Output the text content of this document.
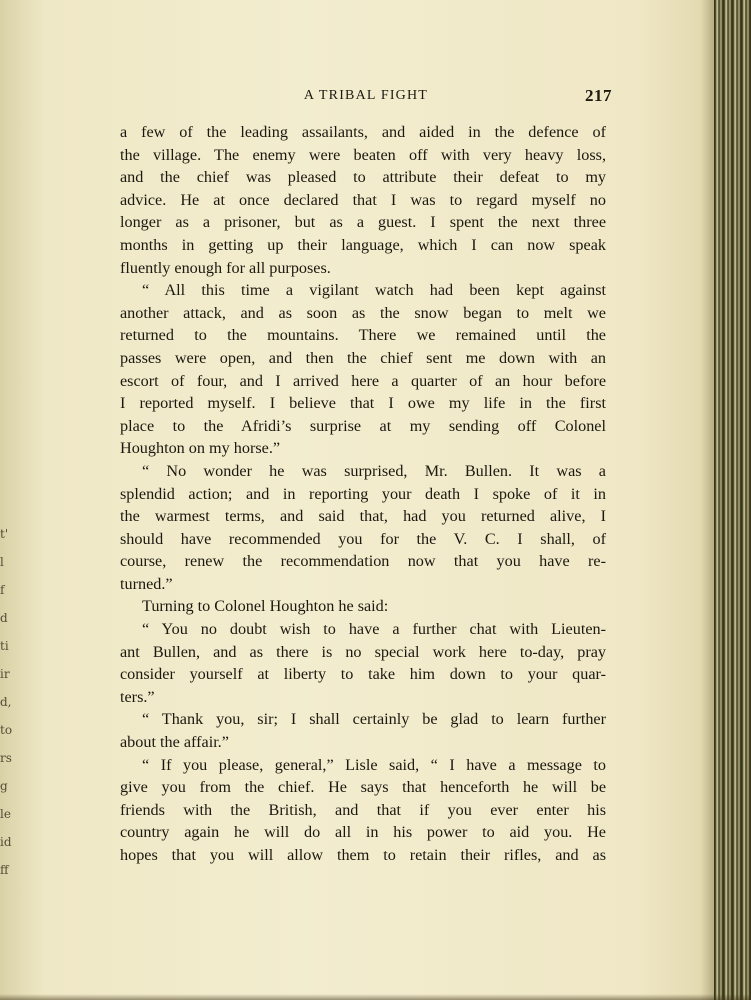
t'
l
f
d
ti
ir
d,
to
rs
g
le
id
ff
A TRIBAL FIGHT	217
a few of the leading assailants, and aided in the defence of
the village. The enemy were beaten off with very heavy loss,
and the chief was pleased to attribute their defeat to my
advice. He at once declared that I was to regard myself no
longer as a prisoner, but as a guest. I spent the next three
months in getting up their language, which I can now speak
fluently enough for all purposes.
“ All this time a vigilant watch had been kept against
another attack, and as soon as the snow began to melt we
returned to the mountains. There we remained until the
passes were open, and then the chief sent me down with an
escort of four, and I arrived here a quarter of an hour before
I reported myself. I believe that I owe my life in the first
place to the Afridi’s surprise at my sending off Colonel
Houghton on my horse.”
“ No wonder he was surprised, Mr. Bullen. It was a
splendid action; and in reporting your death I spoke of it in
the warmest terms, and said that, had you returned alive, I
should have recommended you for the V. C. I shall, of
course, renew the recommendation now that you have re-
turned.”
Turning to Colonel Houghton he said:
“ You no doubt wish to have a further chat with Lieuten-
ant Bullen, and as there is no special work here to-day, pray
consider yourself at liberty to take him down to your quar-
ters.”
“ Thank you, sir; I shall certainly be glad to learn further
about the affair.”
“ If you please, general,” Lisle said, “ I have a message to
give you from the chief. He says that henceforth he will be
friends with the British, and that if you ever enter his
country again he will do all in his power to aid you. He
hopes that you will allow them to retain their rifles, and as
